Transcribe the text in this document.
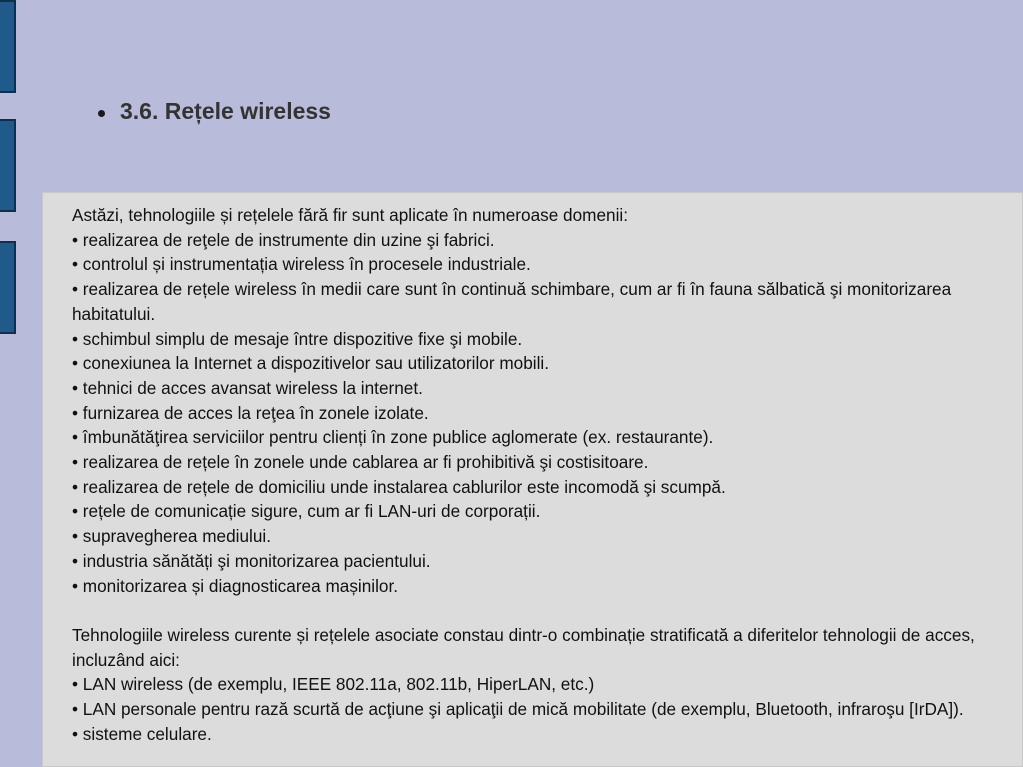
3.6. Rețele wireless

Astăzi, tehnologiile și rețelele fără fir sunt aplicate în numeroase domenii:

• realizarea de reţele de instrumente din uzine şi fabrici.

• controlul și instrumentația wireless în procesele industriale.

• realizarea de rețele wireless în medii care sunt în continuă schimbare, cum ar fi în fauna sălbatică şi monitorizarea habitatului.

• schimbul simplu de mesaje între dispozitive fixe şi mobile.

• conexiunea la Internet a dispozitivelor sau utilizatorilor mobili.

• tehnici de acces avansat wireless la internet.

• furnizarea de acces la reţea în zonele izolate.

• îmbunătăţirea serviciilor pentru clienți în zone publice aglomerate (ex. restaurante).

• realizarea de rețele în zonele unde cablarea ar fi prohibitivă şi costisitoare.

• realizarea de rețele de domiciliu unde instalarea cablurilor este incomodă şi scumpă.

• rețele de comunicație sigure, cum ar fi LAN-uri de corporații.

• supravegherea mediului.

• industria sănătăți şi monitorizarea pacientului.

• monitorizarea și diagnosticarea mașinilor.

Tehnologiile wireless curente și rețelele asociate constau dintr-o combinație stratificată a diferitelor tehnologii de acces, incluzând aici:

• LAN wireless (de exemplu, IEEE 802.11a, 802.11b, HiperLAN, etc.)

• LAN personale pentru rază scurtă de acţiune şi aplicaţii de mică mobilitate (de exemplu, Bluetooth, infraroşu [IrDA]).

• sisteme celulare.
